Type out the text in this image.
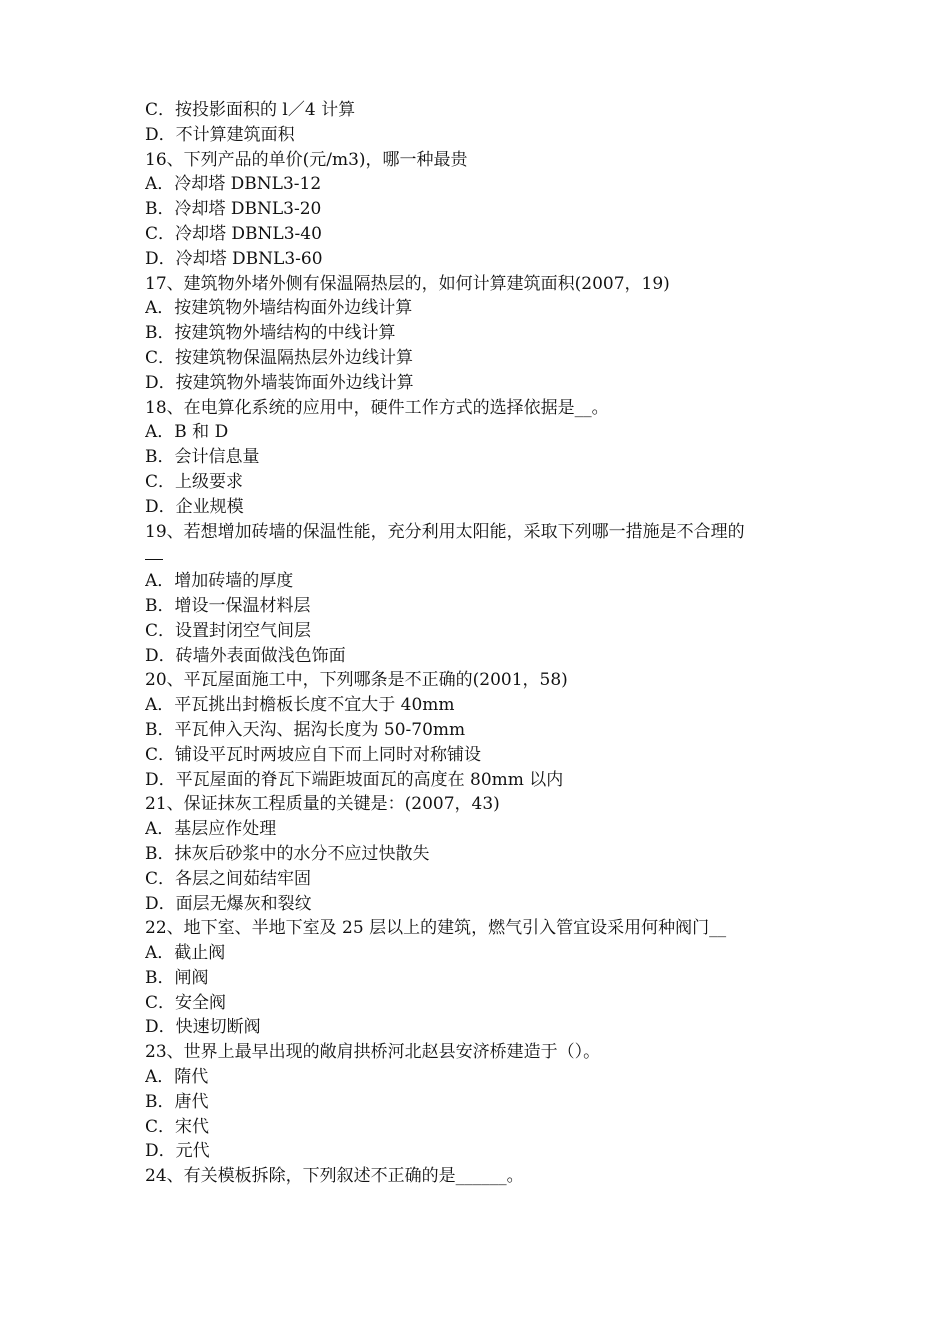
C．按投影面积的 l／4 计算
D．不计算建筑面积
16、下列产品的单价(元/m3)，哪一种最贵
A．冷却塔 DBNL3-12
B．冷却塔 DBNL3-20
C．冷却塔 DBNL3-40
D．冷却塔 DBNL3-60
17、建筑物外堵外侧有保温隔热层的，如何计算建筑面积(2007，19)
A．按建筑物外墙结构面外边线计算
B．按建筑物外墙结构的中线计算
C．按建筑物保温隔热层外边线计算
D．按建筑物外墙装饰面外边线计算
18、在电算化系统的应用中，硬件工作方式的选择依据是__。
A．B 和 D
B．会计信息量
C．上级要求
D．企业规模
19、若想增加砖墙的保温性能，充分利用太阳能，采取下列哪一措施是不合理的
A．增加砖墙的厚度
B．增设一保温材料层
C．设置封闭空气间层
D．砖墙外表面做浅色饰面
20、平瓦屋面施工中，下列哪条是不正确的(2001，58)
A．平瓦挑出封檐板长度不宜大于 40mm
B．平瓦伸入天沟、据沟长度为 50-70mm
C．铺设平瓦时两坡应自下而上同时对称铺设
D．平瓦屋面的脊瓦下端距坡面瓦的高度在 80mm 以内
21、保证抹灰工程质量的关键是：(2007，43)
A．基层应作处理
B．抹灰后砂浆中的水分不应过快散失
C．各层之间茹结牢固
D．面层无爆灰和裂纹
22、地下室、半地下室及 25 层以上的建筑，燃气引入管宜设采用何种阀门__
A．截止阀
B．闸阀
C．安全阀
D．快速切断阀
23、世界上最早出现的敞肩拱桥河北赵县安济桥建造于（）。
A．隋代
B．唐代
C．宋代
D．元代
24、有关模板拆除，下列叙述不正确的是______。
